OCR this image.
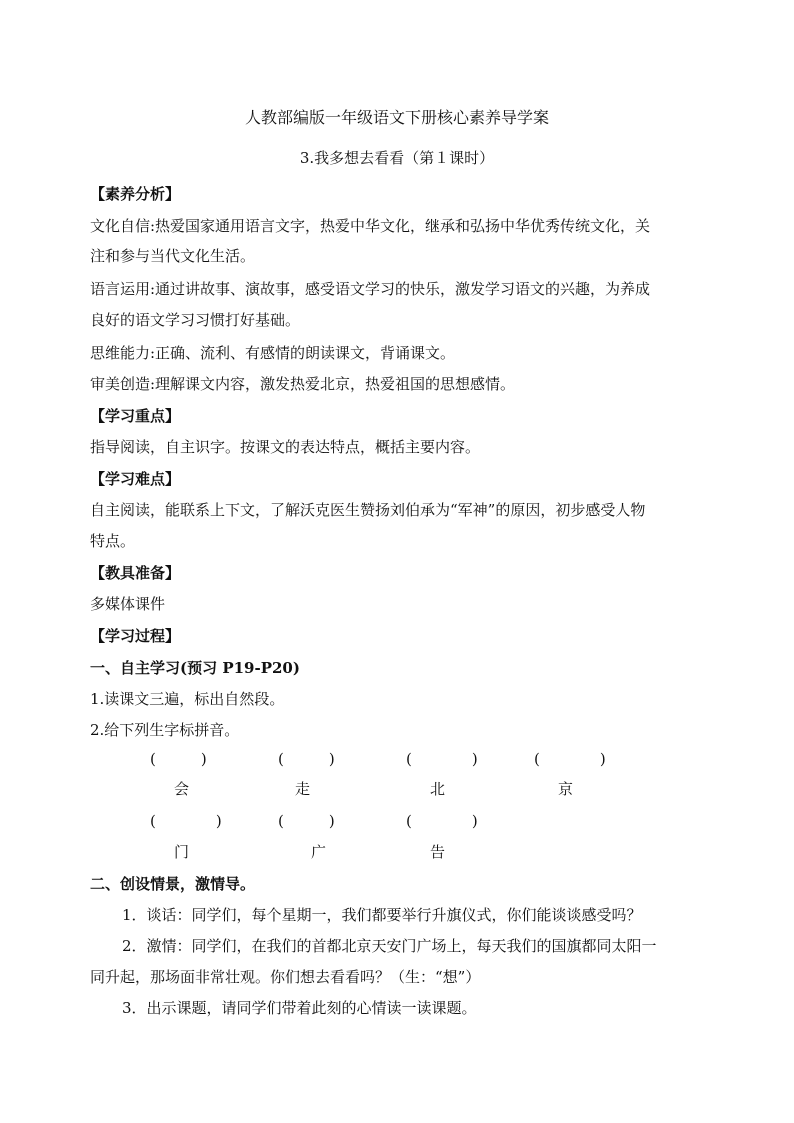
人教部编版一年级语文下册核心素养导学案
3.我多想去看看（第１课时）
【素养分析】
文化自信:热爱国家通用语言文字，热爱中华文化，继承和弘扬中华优秀传统文化，关
注和参与当代文化生活。
语言运用:通过讲故事、演故事，感受语文学习的快乐，激发学习语文的兴趣，为养成
良好的语文学习习惯打好基础。
思维能力:正确、流利、有感情的朗读课文，背诵课文。
审美创造:理解课文内容，激发热爱北京，热爱祖国的思想感情。
【学习重点】
指导阅读，自主识字。按课文的表达特点，概括主要内容。
【学习难点】
自主阅读，能联系上下文，了解沃克医生赞扬刘伯承为“军神”的原因，初步感受人物
特点。
【教具准备】
多媒体课件
【学习过程】
一、自主学习(预习 P19-P20)
1.读课文三遍，标出自然段。
2.给下列生字标拼音。
(　　　)	(　　　)	(　　　　)	(　　　　)
会	走	北	京
(　　　　)	(　　　)	(　　　　)
门	广	告
二、创设情景，激情导。
1．谈话：同学们，每个星期一，我们都要举行升旗仪式，你们能谈谈感受吗？
2．激情：同学们，在我们的首都北京天安门广场上，每天我们的国旗都同太阳一
同升起，那场面非常壮观。你们想去看看吗？（生：“想”）
3．出示课题，请同学们带着此刻的心情读一读课题。
